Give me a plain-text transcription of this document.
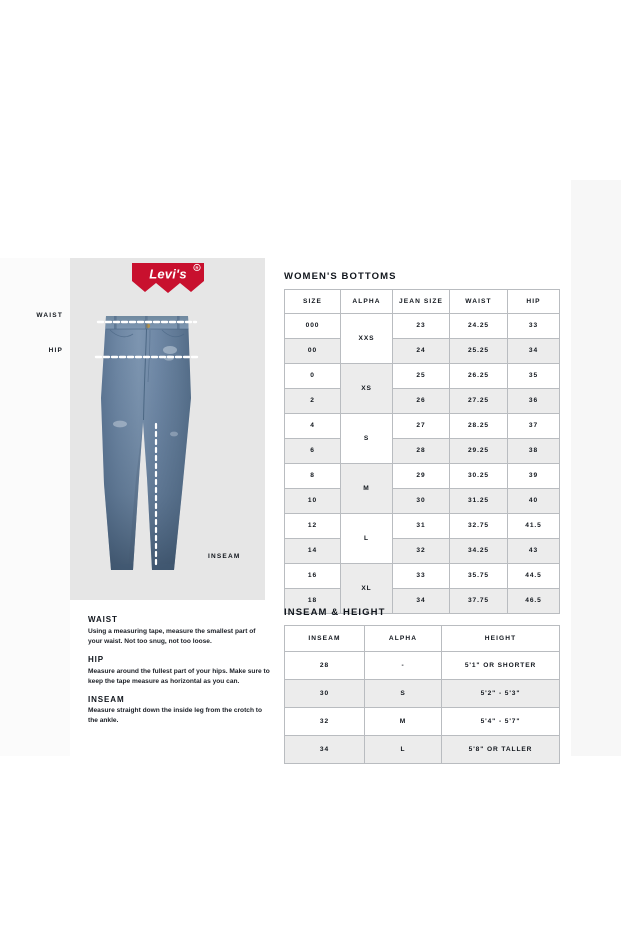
Levi's R
WAIST
HIP
INSEAM

WAIST

Using a measuring tape, measure the smallest part of your waist. Not too snug, not too loose.

HIP

Measure around the fullest part of your hips. Make sure to keep the tape measure as horizontal as you can.

INSEAM

Measure straight down the inside leg from the crotch to the ankle.

WOMEN'S BOTTOMS
SIZE	ALPHA	JEAN SIZE	WAIST	HIP
000	XXS	23	24.25	33
00		24	25.25	34
0	XS	25	26.25	35
2		26	27.25	36
4	S	27	28.25	37
6		28	29.25	38
8	M	29	30.25	39
10		30	31.25	40
12	L	31	32.75	41.5
14		32	34.25	43
16	XL	33	35.75	44.5
18		34	37.75	46.5
INSEAM & HEIGHT
INSEAM	ALPHA	HEIGHT
28	-	5'1" OR SHORTER
30	S	5'2" - 5'3"
32	M	5'4" - 5'7"
34	L	5'8" OR TALLER
